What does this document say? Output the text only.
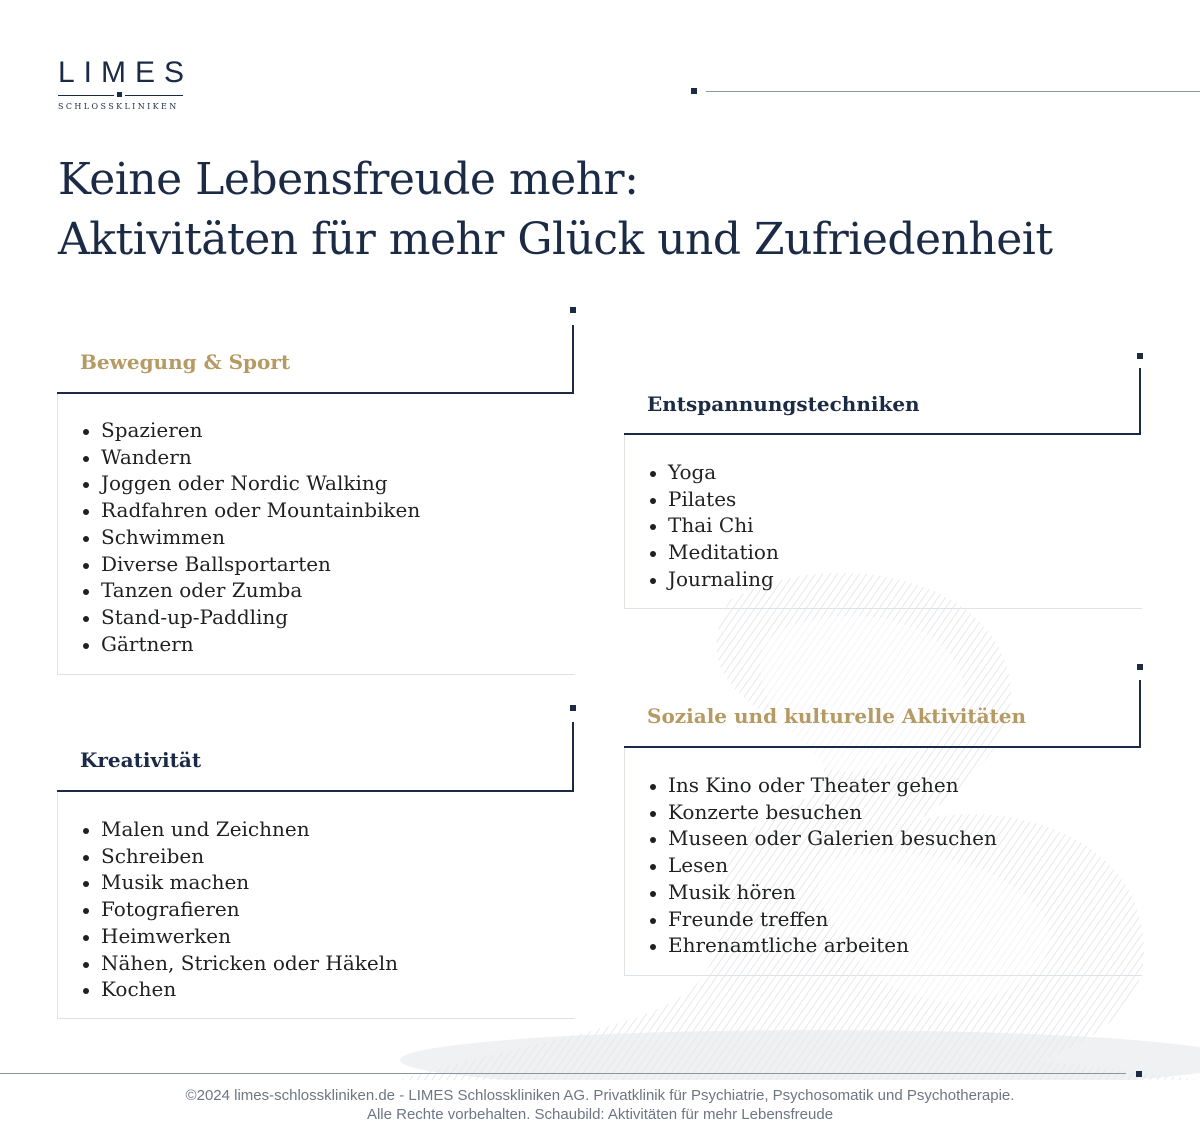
LIMES
SCHLOSSKLINIKEN
Keine Lebensfreude mehr:
Aktivitäten für mehr Glück und Zufriedenheit
Bewegung & Sport
Spazieren
Wandern
Joggen oder Nordic Walking
Radfahren oder Mountainbiken
Schwimmen
Diverse Ballsportarten
Tanzen oder Zumba
Stand-up-Paddling
Gärtnern
Entspannungstechniken
Yoga
Pilates
Thai Chi
Meditation
Journaling
Kreativität
Malen und Zeichnen
Schreiben
Musik machen
Fotografieren
Heimwerken
Nähen, Stricken oder Häkeln
Kochen
Soziale und kulturelle Aktivitäten
Ins Kino oder Theater gehen
Konzerte besuchen
Museen oder Galerien besuchen
Lesen
Musik hören
Freunde treffen
Ehrenamtliche arbeiten
©2024 limes-schlosskliniken.de - LIMES Schlosskliniken AG. Privatklinik für Psychiatrie, Psychosomatik und Psychotherapie.
Alle Rechte vorbehalten. Schaubild: Aktivitäten für mehr Lebensfreude
